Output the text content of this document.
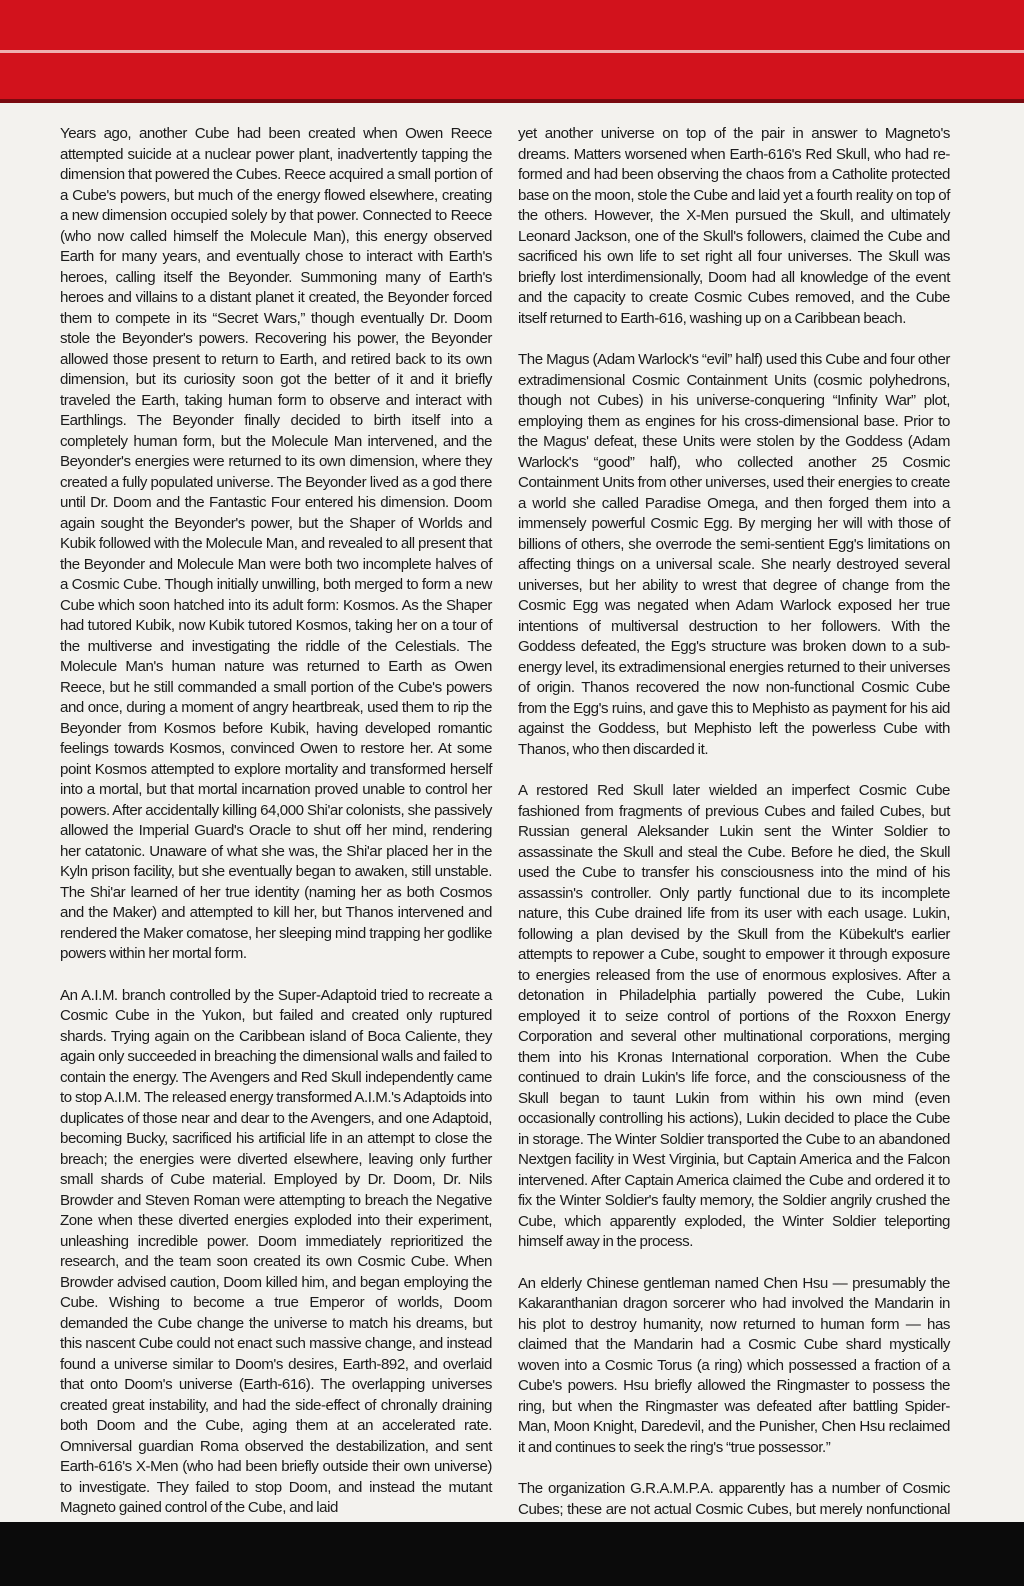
Years ago, another Cube had been created when Owen Reece attempted suicide at a nuclear power plant, inadvertently tapping the dimension that powered the Cubes. Reece acquired a small portion of a Cube's powers, but much of the energy flowed elsewhere, creating a new dimension occupied solely by that power. Connected to Reece (who now called himself the Molecule Man), this energy observed Earth for many years, and eventually chose to interact with Earth's heroes, calling itself the Beyonder. Summoning many of Earth's heroes and villains to a distant planet it created, the Beyonder forced them to compete in its “Secret Wars,” though eventually Dr. Doom stole the Beyonder's powers. Recovering his power, the Beyonder allowed those present to return to Earth, and retired back to its own dimension, but its curiosity soon got the better of it and it briefly traveled the Earth, taking human form to observe and interact with Earthlings. The Beyonder finally decided to birth itself into a completely human form, but the Molecule Man intervened, and the Beyonder's energies were returned to its own dimension, where they created a fully populated universe. The Beyonder lived as a god there until Dr. Doom and the Fantastic Four entered his dimension. Doom again sought the Beyonder's power, but the Shaper of Worlds and Kubik followed with the Molecule Man, and revealed to all present that the Beyonder and Molecule Man were both two incomplete halves of a Cosmic Cube. Though initially unwilling, both merged to form a new Cube which soon hatched into its adult form: Kosmos. As the Shaper had tutored Kubik, now Kubik tutored Kosmos, taking her on a tour of the multiverse and investigating the riddle of the Celestials. The Molecule Man's human nature was returned to Earth as Owen Reece, but he still commanded a small portion of the Cube's powers and once, during a moment of angry heartbreak, used them to rip the Beyonder from Kosmos before Kubik, having developed romantic feelings towards Kosmos, convinced Owen to restore her. At some point Kosmos attempted to explore mortality and transformed herself into a mortal, but that mortal incarnation proved unable to control her powers. After accidentally killing 64,000 Shi'ar colonists, she passively allowed the Imperial Guard's Oracle to shut off her mind, rendering her catatonic. Unaware of what she was, the Shi'ar placed her in the Kyln prison facility, but she eventually began to awaken, still unstable. The Shi'ar learned of her true identity (naming her as both Cosmos and the Maker) and attempted to kill her, but Thanos intervened and rendered the Maker comatose, her sleeping mind trapping her godlike powers within her mortal form.

An A.I.M. branch controlled by the Super-Adaptoid tried to recreate a Cosmic Cube in the Yukon, but failed and created only ruptured shards. Trying again on the Caribbean island of Boca Caliente, they again only succeeded in breaching the dimensional walls and failed to contain the energy. The Avengers and Red Skull independently came to stop A.I.M. The released energy transformed A.I.M.'s Adaptoids into duplicates of those near and dear to the Avengers, and one Adaptoid, becoming Bucky, sacrificed his artificial life in an attempt to close the breach; the energies were diverted elsewhere, leaving only further small shards of Cube material. Employed by Dr. Doom, Dr. Nils Browder and Steven Roman were attempting to breach the Negative Zone when these diverted energies exploded into their experiment, unleashing incredible power. Doom immediately reprioritized the research, and the team soon created its own Cosmic Cube. When Browder advised caution, Doom killed him, and began employing the Cube. Wishing to become a true Emperor of worlds, Doom demanded the Cube change the universe to match his dreams, but this nascent Cube could not enact such massive change, and instead found a universe similar to Doom's desires, Earth-892, and overlaid that onto Doom's universe (Earth-616). The overlapping universes created great instability, and had the side-effect of chronally draining both Doom and the Cube, aging them at an accelerated rate. Omniversal guardian Roma observed the destabilization, and sent Earth-616's X-Men (who had been briefly outside their own universe) to investigate. They failed to stop Doom, and instead the mutant Magneto gained control of the Cube, and laid

yet another universe on top of the pair in answer to Magneto's dreams. Matters worsened when Earth-616's Red Skull, who had re-formed and had been observing the chaos from a Catholite protected base on the moon, stole the Cube and laid yet a fourth reality on top of the others. However, the X-Men pursued the Skull, and ultimately Leonard Jackson, one of the Skull's followers, claimed the Cube and sacrificed his own life to set right all four universes. The Skull was briefly lost interdimensionally, Doom had all knowledge of the event and the capacity to create Cosmic Cubes removed, and the Cube itself returned to Earth-616, washing up on a Caribbean beach.

The Magus (Adam Warlock's “evil” half) used this Cube and four other extradimensional Cosmic Containment Units (cosmic polyhedrons, though not Cubes) in his universe-conquering “Infinity War” plot, employing them as engines for his cross-dimensional base. Prior to the Magus' defeat, these Units were stolen by the Goddess (Adam Warlock's “good” half), who collected another 25 Cosmic Containment Units from other universes, used their energies to create a world she called Paradise Omega, and then forged them into a immensely powerful Cosmic Egg. By merging her will with those of billions of others, she overrode the semi-sentient Egg's limitations on affecting things on a universal scale. She nearly destroyed several universes, but her ability to wrest that degree of change from the Cosmic Egg was negated when Adam Warlock exposed her true intentions of multiversal destruction to her followers. With the Goddess defeated, the Egg's structure was broken down to a sub-energy level, its extradimensional energies returned to their universes of origin. Thanos recovered the now non-functional Cosmic Cube from the Egg's ruins, and gave this to Mephisto as payment for his aid against the Goddess, but Mephisto left the powerless Cube with Thanos, who then discarded it.

A restored Red Skull later wielded an imperfect Cosmic Cube fashioned from fragments of previous Cubes and failed Cubes, but Russian general Aleksander Lukin sent the Winter Soldier to assassinate the Skull and steal the Cube. Before he died, the Skull used the Cube to transfer his consciousness into the mind of his assassin's controller. Only partly functional due to its incomplete nature, this Cube drained life from its user with each usage. Lukin, following a plan devised by the Skull from the Kübekult's earlier attempts to repower a Cube, sought to empower it through exposure to energies released from the use of enormous explosives. After a detonation in Philadelphia partially powered the Cube, Lukin employed it to seize control of portions of the Roxxon Energy Corporation and several other multinational corporations, merging them into his Kronas International corporation. When the Cube continued to drain Lukin's life force, and the consciousness of the Skull began to taunt Lukin from within his own mind (even occasionally controlling his actions), Lukin decided to place the Cube in storage. The Winter Soldier transported the Cube to an abandoned Nextgen facility in West Virginia, but Captain America and the Falcon intervened. After Captain America claimed the Cube and ordered it to fix the Winter Soldier's faulty memory, the Soldier angrily crushed the Cube, which apparently exploded, the Winter Soldier teleporting himself away in the process.

An elderly Chinese gentleman named Chen Hsu — presumably the Kakaranthanian dragon sorcerer who had involved the Mandarin in his plot to destroy humanity, now returned to human form — has claimed that the Mandarin had a Cosmic Cube shard mystically woven into a Cosmic Torus (a ring) which possessed a fraction of a Cube's powers. Hsu briefly allowed the Ringmaster to possess the ring, but when the Ringmaster was defeated after battling Spider-Man, Moon Knight, Daredevil, and the Punisher, Chen Hsu reclaimed it and continues to seek the ring's “true possessor.”

The organization G.R.A.M.P.A. apparently has a number of Cosmic Cubes; these are not actual Cosmic Cubes, but merely nonfunctional
